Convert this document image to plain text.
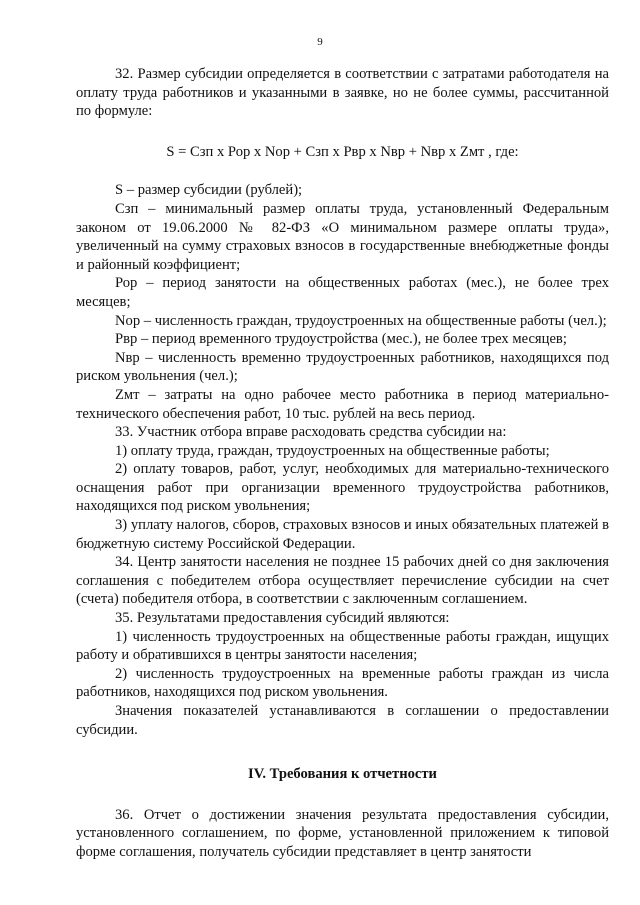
9

32. Размер субсидии определяется в соответствии с затратами работодателя на оплату труда работников и указанными в заявке, но не более суммы, рассчитанной по формуле:

S = Сзп х Рор х Nор + Сзп х Рвр х Nвр + Nвр х Zмт , где:

S – размер субсидии (рублей);

Сзп – минимальный размер оплаты труда, установленный Федеральным законом от 19.06.2000 № 82-ФЗ «О минимальном размере оплаты труда», увеличенный на сумму страховых взносов в государственные внебюджетные фонды и районный коэффициент;

Рор – период занятости на общественных работах (мес.), не более трех месяцев;

Nор – численность граждан, трудоустроенных на общественные работы (чел.);

Рвр – период временного трудоустройства (мес.), не более трех месяцев;

Nвр – численность временно трудоустроенных работников, находящихся под риском увольнения (чел.);

Zмт – затраты на одно рабочее место работника в период материально-технического обеспечения работ, 10 тыс. рублей на весь период.

33. Участник отбора вправе расходовать средства субсидии на:

1) оплату труда, граждан, трудоустроенных на общественные работы;

2) оплату товаров, работ, услуг, необходимых для материально-технического оснащения работ при организации временного трудоустройства работников, находящихся под риском увольнения;

3) уплату налогов, сборов, страховых взносов и иных обязательных платежей в бюджетную систему Российской Федерации.

34. Центр занятости населения не позднее 15 рабочих дней со дня заключения соглашения с победителем отбора осуществляет перечисление субсидии на счет (счета) победителя отбора, в соответствии с заключенным соглашением.

35. Результатами предоставления субсидий являются:

1) численность трудоустроенных на общественные работы граждан, ищущих работу и обратившихся в центры занятости населения;

2) численность трудоустроенных на временные работы граждан из числа работников, находящихся под риском увольнения.

Значения показателей устанавливаются в соглашении о предоставлении субсидии.

IV. Требования к отчетности

36. Отчет о достижении значения результата предоставления субсидии, установленного соглашением, по форме, установленной приложением к типовой форме соглашения, получатель субсидии представляет в центр занятости
